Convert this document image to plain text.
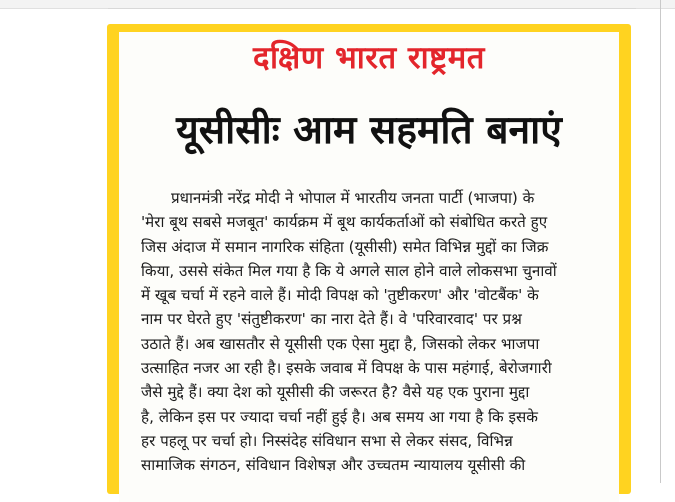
दक्षिण भारत राष्ट्रमत
यूसीसीः आम सहमति बनाएं
प्रधानमंत्री नरेंद्र मोदी ने भोपाल में भारतीय जनता पार्टी (भाजपा) के
'मेरा बूथ सबसे मजबूत' कार्यक्रम में बूथ कार्यकर्ताओं को संबोधित करते हुए
जिस अंदाज में समान नागरिक संहिता (यूसीसी) समेत विभिन्न मुद्दों का जिक्र
किया, उससे संकेत मिल गया है कि ये अगले साल होने वाले लोकसभा चुनावों
में खूब चर्चा में रहने वाले हैं। मोदी विपक्ष को 'तुष्टीकरण' और 'वोटबैंक' के
नाम पर घेरते हुए 'संतुष्टीकरण' का नारा देते हैं। वे 'परिवारवाद' पर प्रश्न
उठाते हैं। अब खासतौर से यूसीसी एक ऐसा मुद्दा है, जिसको लेकर भाजपा
उत्साहित नजर आ रही है। इसके जवाब में विपक्ष के पास महंगाई, बेरोजगारी
जैसे मुद्दे हैं। क्या देश को यूसीसी की जरूरत है? वैसे यह एक पुराना मुद्दा
है, लेकिन इस पर ज्यादा चर्चा नहीं हुई है। अब समय आ गया है कि इसके
हर पहलू पर चर्चा हो। निस्संदेह संविधान सभा से लेकर संसद, विभिन्न
सामाजिक संगठन, संविधान विशेषज्ञ और उच्चतम न्यायालय यूसीसी की
